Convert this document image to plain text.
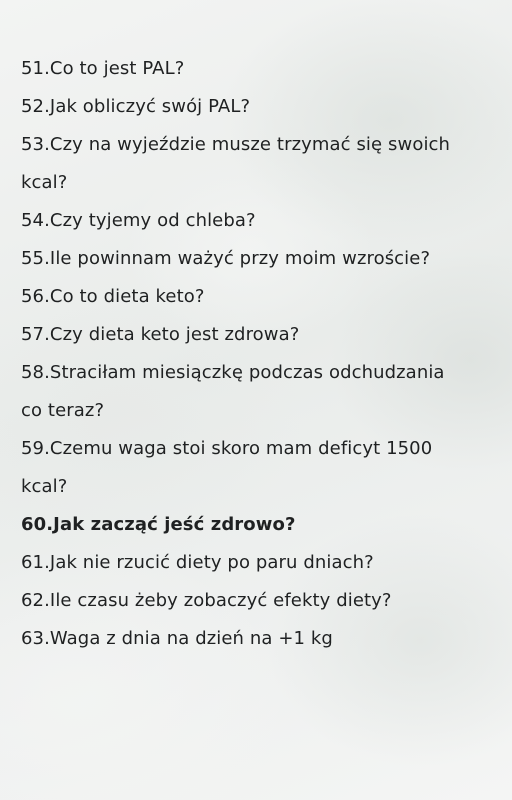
51.Co to jest PAL?
52.Jak obliczyć swój PAL?
53.Czy na wyjeździe musze trzymać się swoich kcal?
54.Czy tyjemy od chleba?
55.Ile powinnam ważyć przy moim wzroście?
56.Co to dieta keto?
57.Czy dieta keto jest zdrowa?
58.Straciłam miesiączkę podczas odchudzania co teraz?
59.Czemu waga stoi skoro mam deficyt 1500 kcal?
60.Jak zacząć jeść zdrowo?
61.Jak nie rzucić diety po paru dniach?
62.Ile czasu żeby zobaczyć efekty diety?
63.Waga z dnia na dzień na +1 kg
